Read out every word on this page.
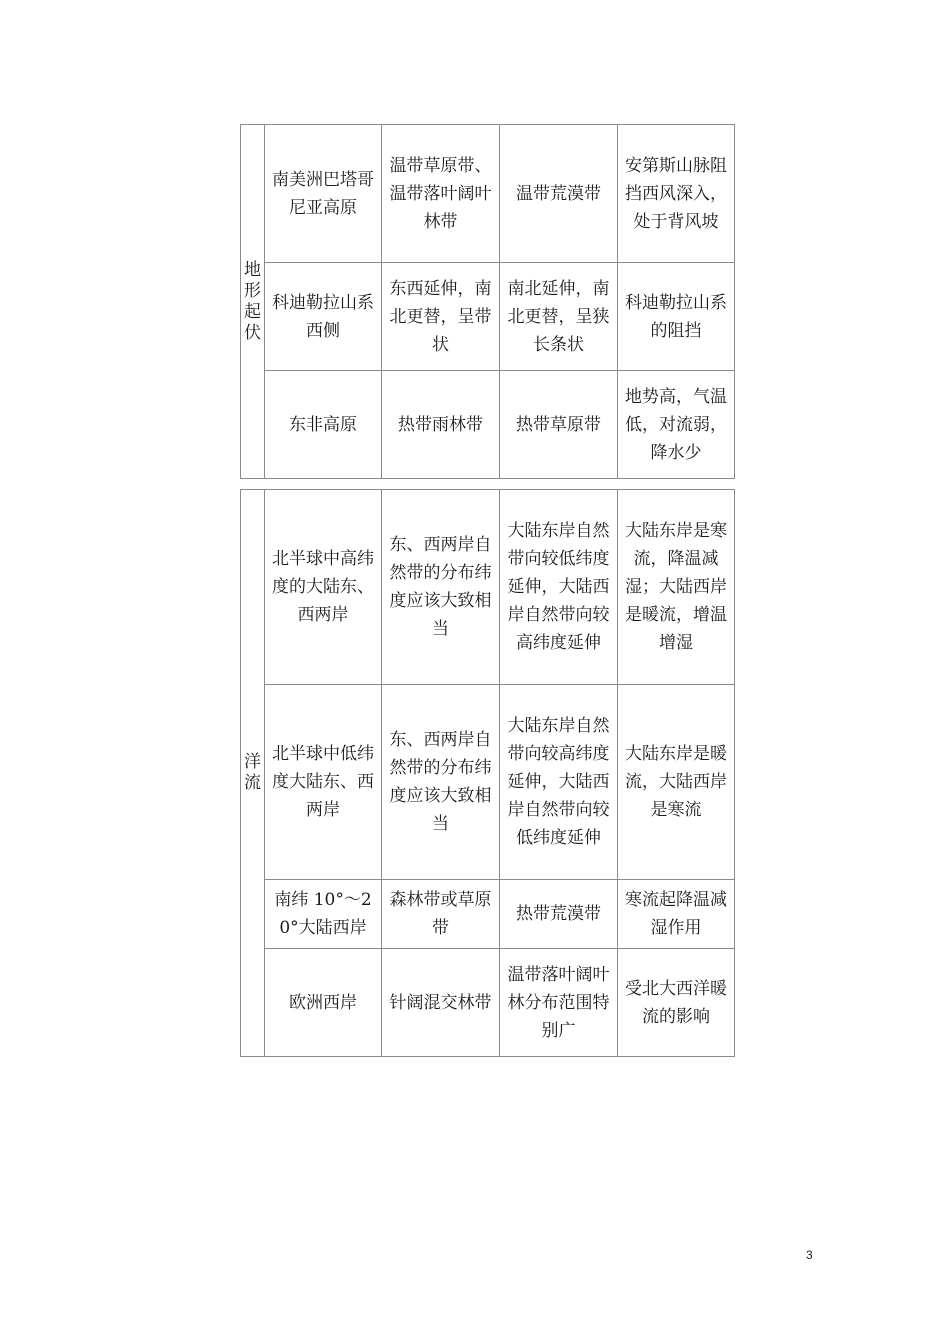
地形起伏	南美洲巴塔哥尼亚高原	温带草原带、温带落叶阔叶林带	温带荒漠带	安第斯山脉阻挡西风深入，处于背风坡
	科迪勒拉山系西侧	东西延伸，南北更替，呈带状	南北延伸，南北更替，呈狭长条状	科迪勒拉山系的阻挡
	东非高原	热带雨林带	热带草原带	地势高，气温低，对流弱，降水少
洋流	北半球中高纬度的大陆东、西两岸	东、西两岸自然带的分布纬度应该大致相当	大陆东岸自然带向较低纬度延伸，大陆西岸自然带向较高纬度延伸	大陆东岸是寒流，降温减湿；大陆西岸是暖流，增温增湿
	北半球中低纬度大陆东、西两岸	东、西两岸自然带的分布纬度应该大致相当	大陆东岸自然带向较高纬度延伸，大陆西岸自然带向较低纬度延伸	大陆东岸是暖流，大陆西岸是寒流
	南纬 10°～20°大陆西岸	森林带或草原带	热带荒漠带	寒流起降温减湿作用
	欧洲西岸	针阔混交林带	温带落叶阔叶林分布范围特别广	受北大西洋暖流的影响
3
